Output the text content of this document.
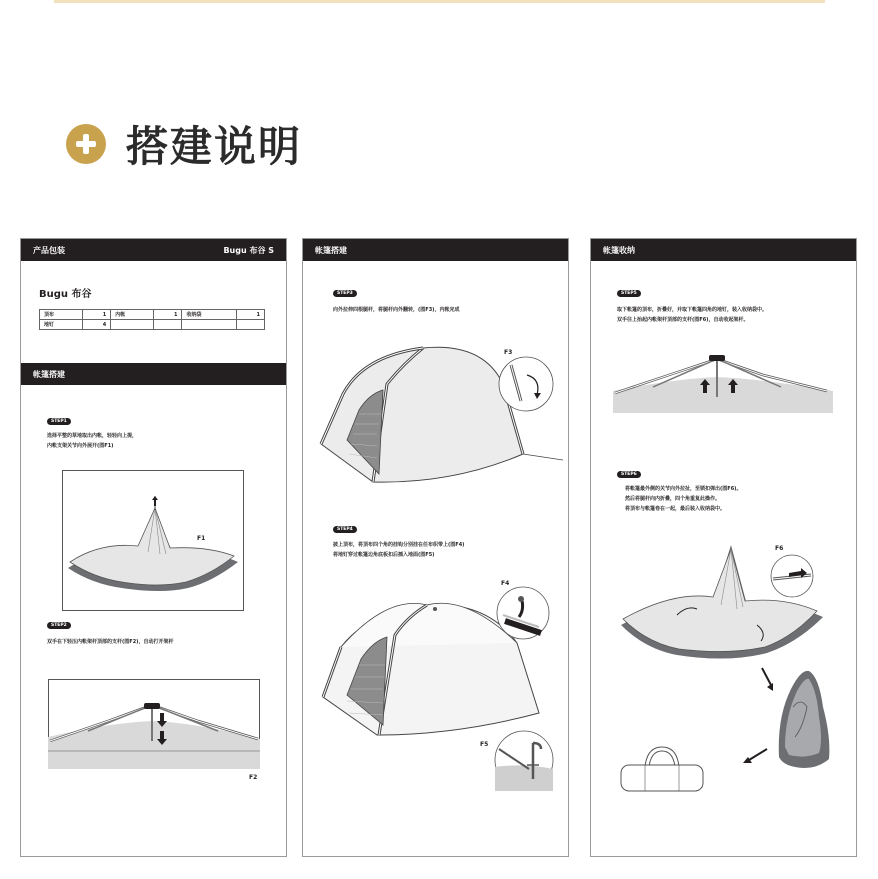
搭建说明
产品包装	Bugu 布谷 S
Bugu 布谷
顶布	1	内帐	1	收纳袋	1
地钉	4				
帐篷搭建
STEP1
选择平整的草地取出内帐，轻轻向上提，
内帐支架关节向外展开(图F1)
F1
STEP2
双手在下轻压内帐架杆顶部的支杆(图F2)，自动打开架杆
F2
帐篷搭建
STEP3
向外拉伸四根腿杆，将腿杆向外翻转，(图F3)，内帐完成
F3
STEP4
披上顶布，将顶布四个角的挂钩分别挂在任布织带上(图F4)
将地钉穿过帐篷边角底板扣后插入地面(图F5)
F4
F5
帐篷收纳
STEP5
取下帐篷的顶布，折叠好，并取下帐篷四角的地钉，装入收纳袋中。
双手往上抬起内帐架杆顶部的支杆(图F6)，自动收起架杆。
STEP6
将帐篷最外侧的关节向外拉扯，至锁扣弹出(图F6)。
然后将腿杆向内折叠，四个角重复此操作。
将顶布与帐篷卷在一起，最后装入收纳袋中。
F6
